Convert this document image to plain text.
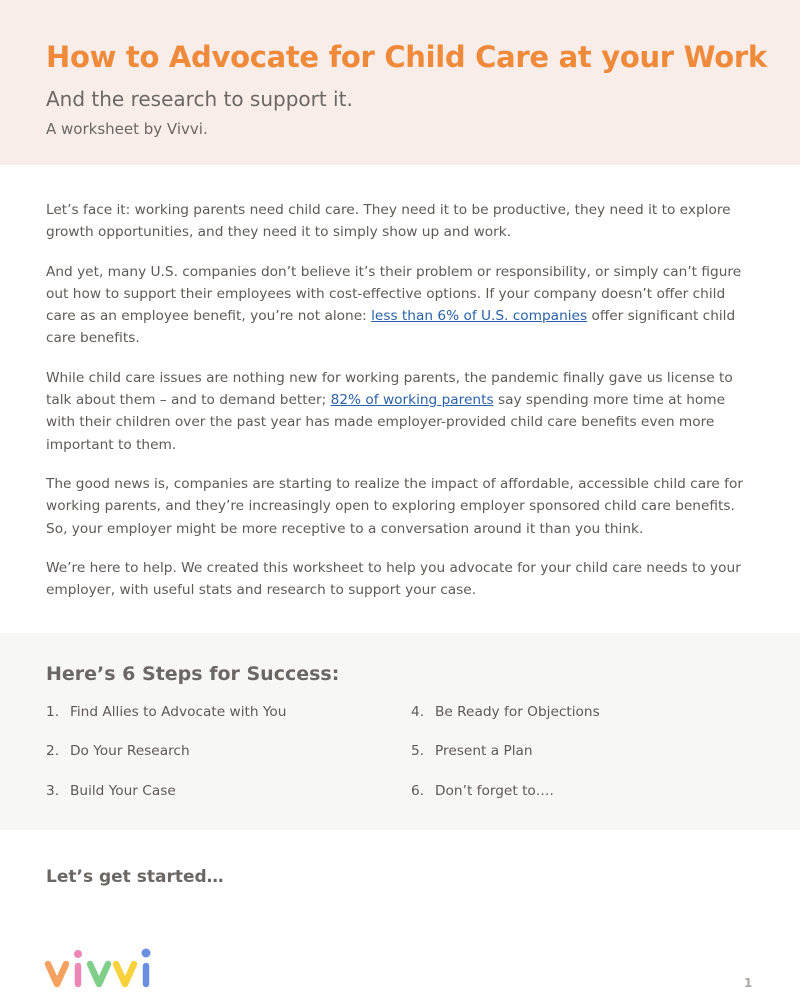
How to Advocate for Child Care at your Work

And the research to support it.

A worksheet by Vivvi.

Let’s face it: working parents need child care. They need it to be productive, they need it to explore growth opportunities, and they need it to simply show up and work.

And yet, many U.S. companies don’t believe it’s their problem or responsibility, or simply can’t figure out how to support their employees with cost-effective options. If your company doesn’t offer child care as an employee benefit, you’re not alone: less than 6% of U.S. companies offer significant child care benefits.

While child care issues are nothing new for working parents, the pandemic finally gave us license to talk about them – and to demand better; 82% of working parents say spending more time at home with their children over the past year has made employer-provided child care benefits even more important to them.

The good news is, companies are starting to realize the impact of affordable, accessible child care for working parents, and they’re increasingly open to exploring employer sponsored child care benefits. So, your employer might be more receptive to a conversation around it than you think.

We’re here to help. We created this worksheet to help you advocate for your child care needs to your employer, with useful stats and research to support your case.

Here’s 6 Steps for Success:
1. Find Allies to Advocate with You
2. Do Your Research
3. Build Your Case
4. Be Ready for Objections
5. Present a Plan
6. Don’t forget to….

Let’s get started…

1
